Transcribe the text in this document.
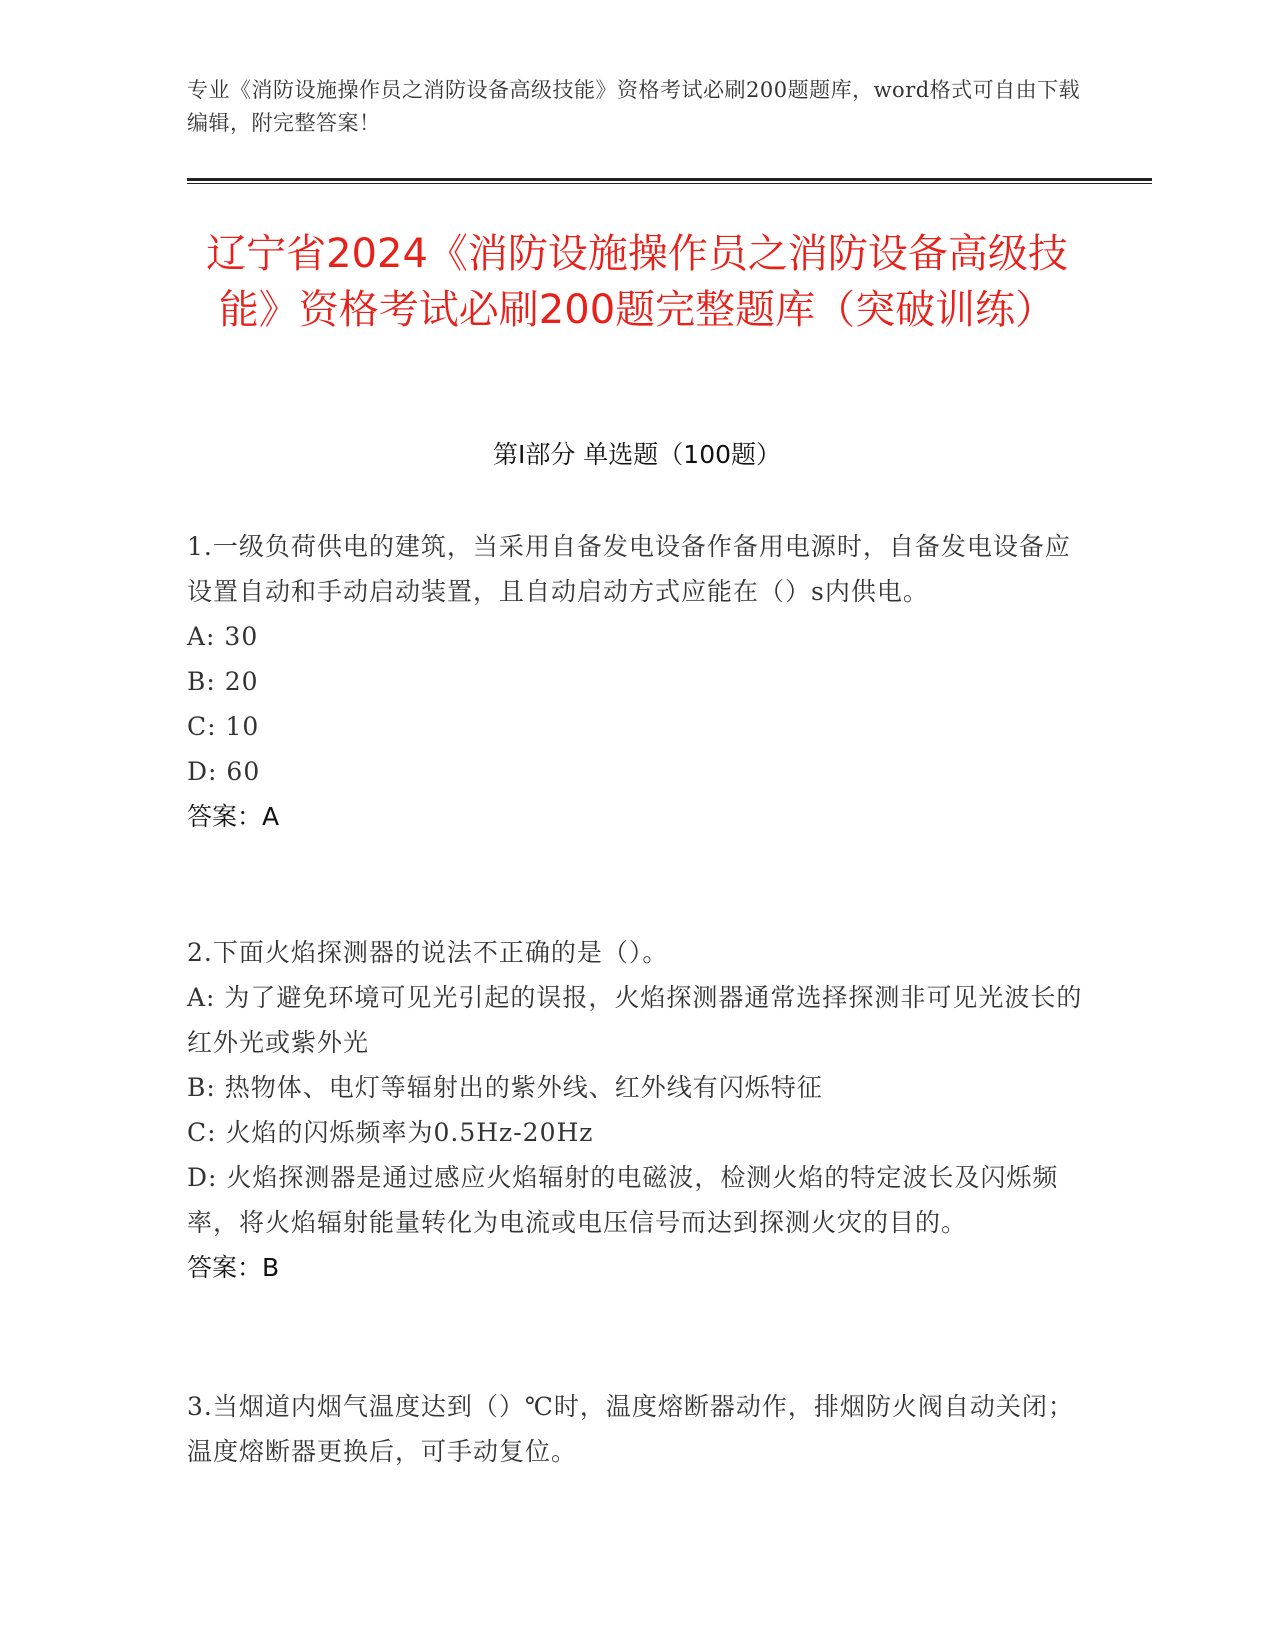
专业《消防设施操作员之消防设备高级技能》资格考试必刷200题题库，word格式可自由下载编辑，附完整答案！
辽宁省2024《消防设施操作员之消防设备高级技能》资格考试必刷200题完整题库（突破训练）
第Ⅰ部分 单选题（100题）
1.一级负荷供电的建筑，当采用自备发电设备作备用电源时，自备发电设备应设置自动和手动启动装置，且自动启动方式应能在（）s内供电。
A: 30
B: 20
C: 10
D: 60
答案：A
2.下面火焰探测器的说法不正确的是（）。
A: 为了避免环境可见光引起的误报，火焰探测器通常选择探测非可见光波长的红外光或紫外光
B: 热物体、电灯等辐射出的紫外线、红外线有闪烁特征
C: 火焰的闪烁频率为0.5Hz-20Hz
D: 火焰探测器是通过感应火焰辐射的电磁波，检测火焰的特定波长及闪烁频率，将火焰辐射能量转化为电流或电压信号而达到探测火灾的目的。
答案：B
3.当烟道内烟气温度达到（）℃时，温度熔断器动作，排烟防火阀自动关闭；温度熔断器更换后，可手动复位。
